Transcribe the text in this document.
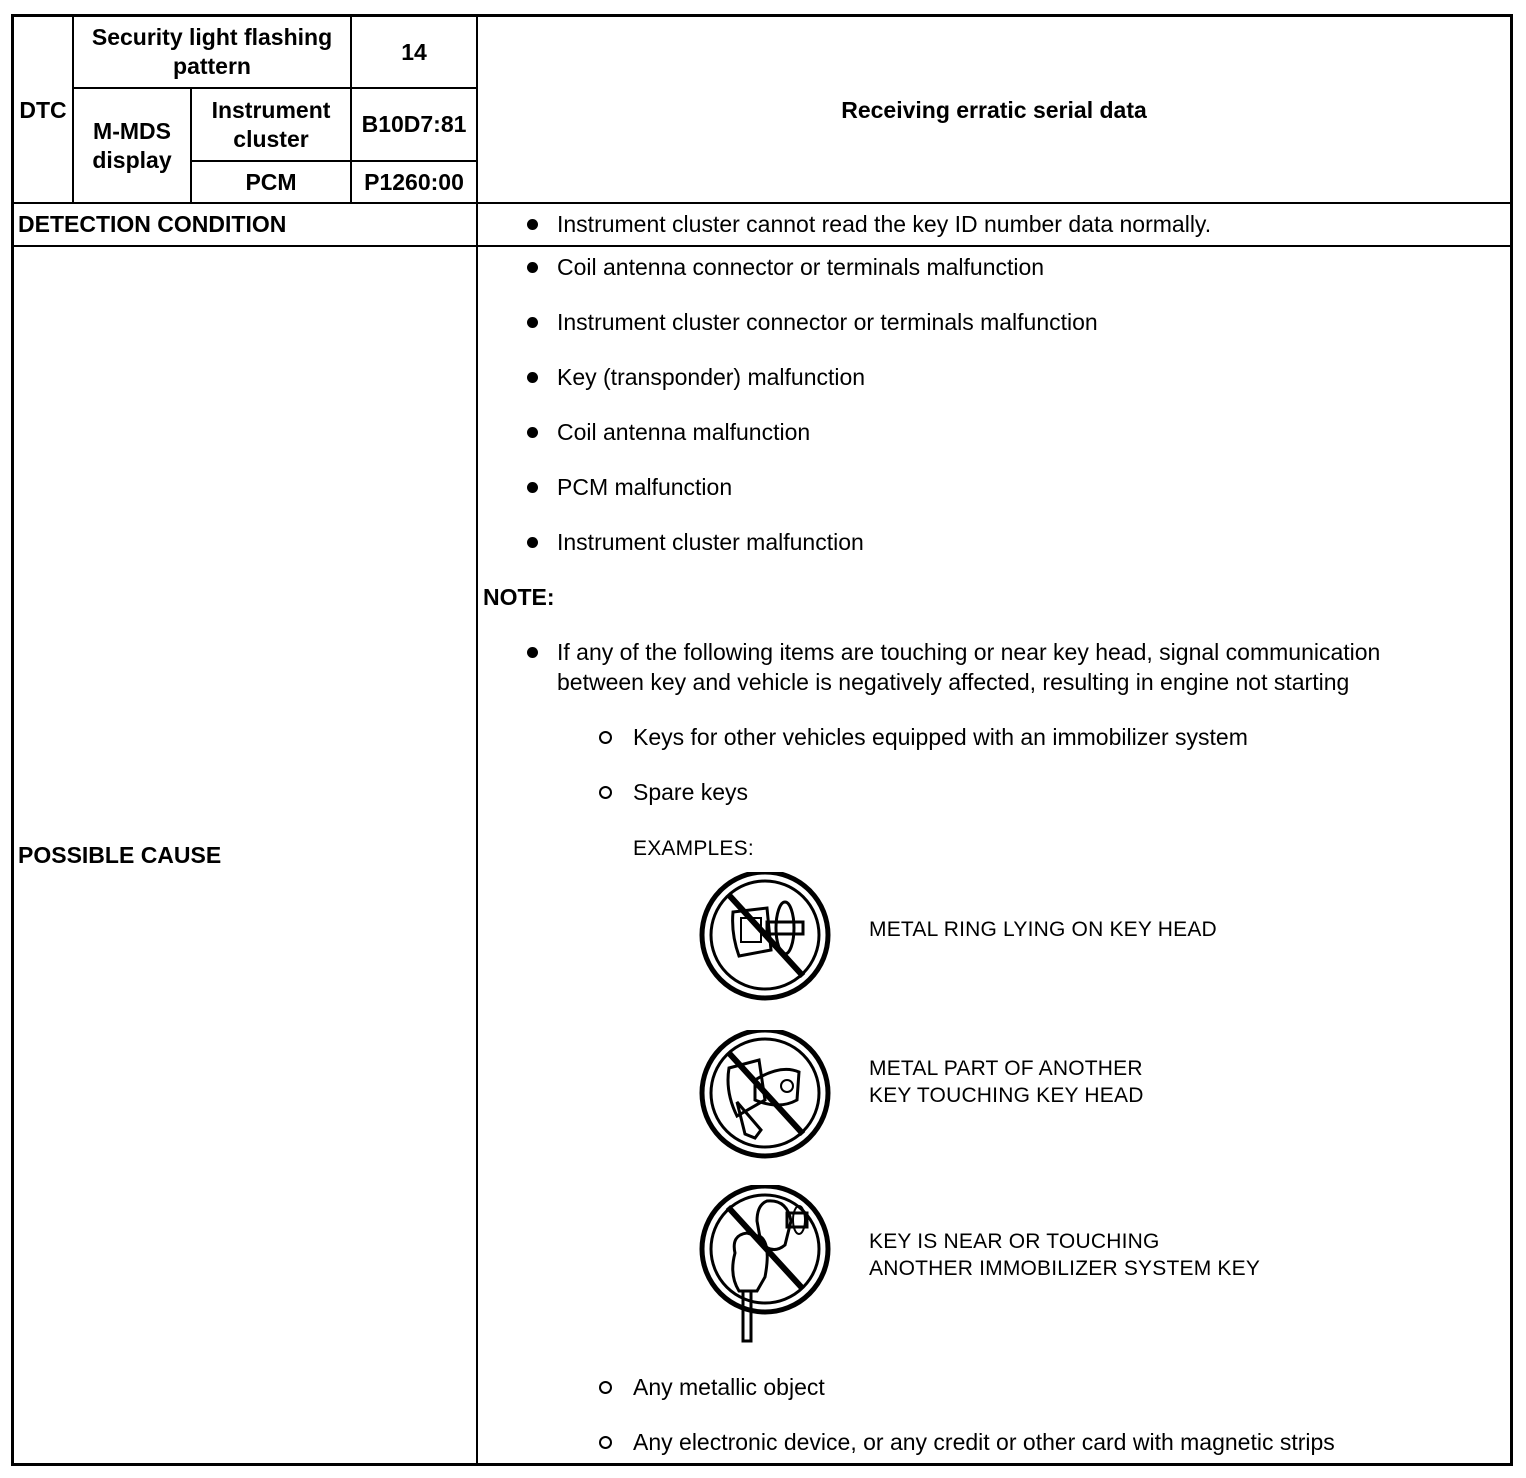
DTC
Security light flashing pattern
14
M-MDS display
Instrument cluster
B10D7:81
PCM	P1260:00
Receiving erratic serial data
DETECTION CONDITION	Instrument cluster cannot read the key ID number data normally.
POSSIBLE CAUSE
Coil antenna connector or terminals malfunction
Instrument cluster connector or terminals malfunction
Key (transponder) malfunction
Coil antenna malfunction
PCM malfunction
Instrument cluster malfunction
NOTE:
If any of the following items are touching or near key head, signal communication
between key and vehicle is negatively affected, resulting in engine not starting
Keys for other vehicles equipped with an immobilizer system
Spare keys
EXAMPLES:
METAL RING LYING ON KEY HEAD
METAL PART OF ANOTHER
KEY TOUCHING KEY HEAD
KEY IS NEAR OR TOUCHING
ANOTHER IMMOBILIZER SYSTEM KEY
Any metallic object
Any electronic device, or any credit or other card with magnetic strips
